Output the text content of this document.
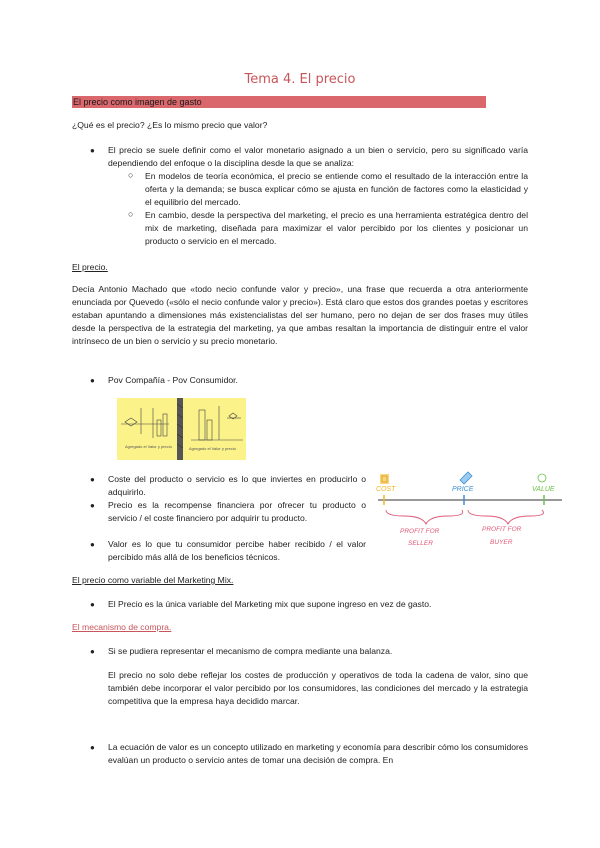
Tema 4. El precio
El precio como imagen de gasto
¿Qué es el precio? ¿Es lo mismo precio que valor?
● El precio se suele definir como el valor monetario asignado a un bien o servicio, pero su significado varía dependiendo del enfoque o la disciplina desde la que se analiza:
○ En modelos de teoría económica, el precio se entiende como el resultado de la interacción entre la oferta y la demanda; se busca explicar cómo se ajusta en función de factores como la elasticidad y el equilibrio del mercado.
○ En cambio, desde la perspectiva del marketing, el precio es una herramienta estratégica dentro del mix de marketing, diseñada para maximizar el valor percibido por los clientes y posicionar un producto o servicio en el mercado.
El precio.
Decía Antonio Machado que «todo necio confunde valor y precio», una frase que recuerda a otra anteriormente enunciada por Quevedo («sólo el necio confunde valor y precio»). Está claro que estos dos grandes poetas y escritores estaban apuntando a dimensiones más existencialistas del ser humano, pero no dejan de ser dos frases muy útiles desde la perspectiva de la estrategia del marketing, ya que ambas resaltan la importancia de distinguir entre el valor intrínseco de un bien o servicio y su precio monetario.
● Pov Compañía - Pov Consumidor.
Agregado el Valor y precio	Agregado el Valor y precio
● Coste del producto o servicio es lo que inviertes en producirlo o adquirirlo.
● Precio es la recompense financiera por ofrecer tu producto o servicio / el coste financiero por adquirir tu producto.
● Valor es lo que tu consumidor percibe haber recibido / el valor percibido más allá de los beneficios técnicos.
COST	PRICE	VALUE
PROFIT FOR
SELLER
PROFIT FOR
BUYER
El precio como variable del Marketing Mix.
● El Precio es la única variable del Marketing mix que supone ingreso en vez de gasto.
El mecanismo de compra.
● Si se pudiera representar el mecanismo de compra mediante una balanza.
El precio no solo debe reflejar los costes de producción y operativos de toda la cadena de valor, sino que también debe incorporar el valor percibido por los consumidores, las condiciones del mercado y la estrategia competitiva que la empresa haya decidido marcar.
● La ecuación de valor es un concepto utilizado en marketing y economía para describir cómo los consumidores evalúan un producto o servicio antes de tomar una decisión de compra. En
